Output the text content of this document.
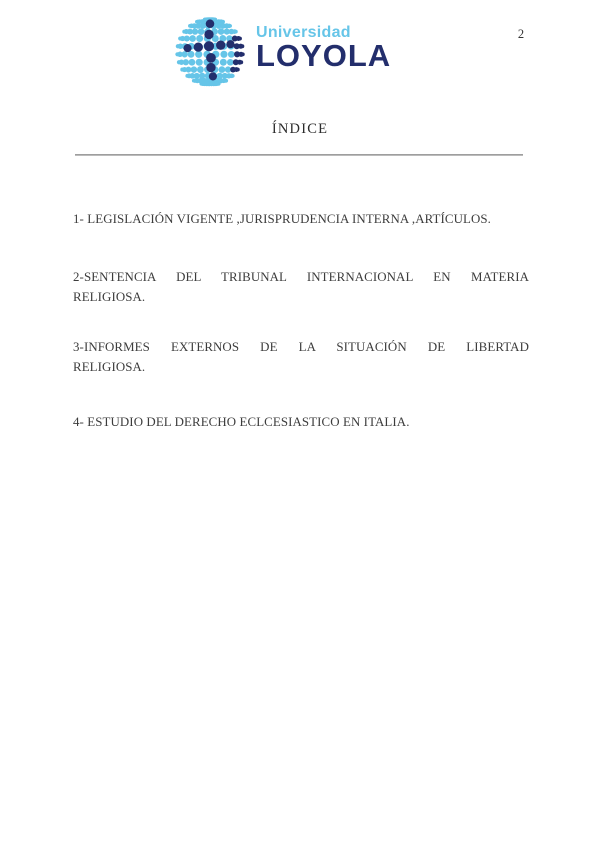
Universidad
LOYOLA
2
ÍNDICE
1- LEGISLACIÓN VIGENTE ,JURISPRUDENCIA INTERNA ,ARTÍCULOS.
2-SENTENCIA DEL TRIBUNAL INTERNACIONAL EN MATERIA
RELIGIOSA.
3-INFORMES EXTERNOS DE LA SITUACIÓN DE LIBERTAD
RELIGIOSA.
4- ESTUDIO DEL DERECHO ECLCESIASTICO EN ITALIA.
